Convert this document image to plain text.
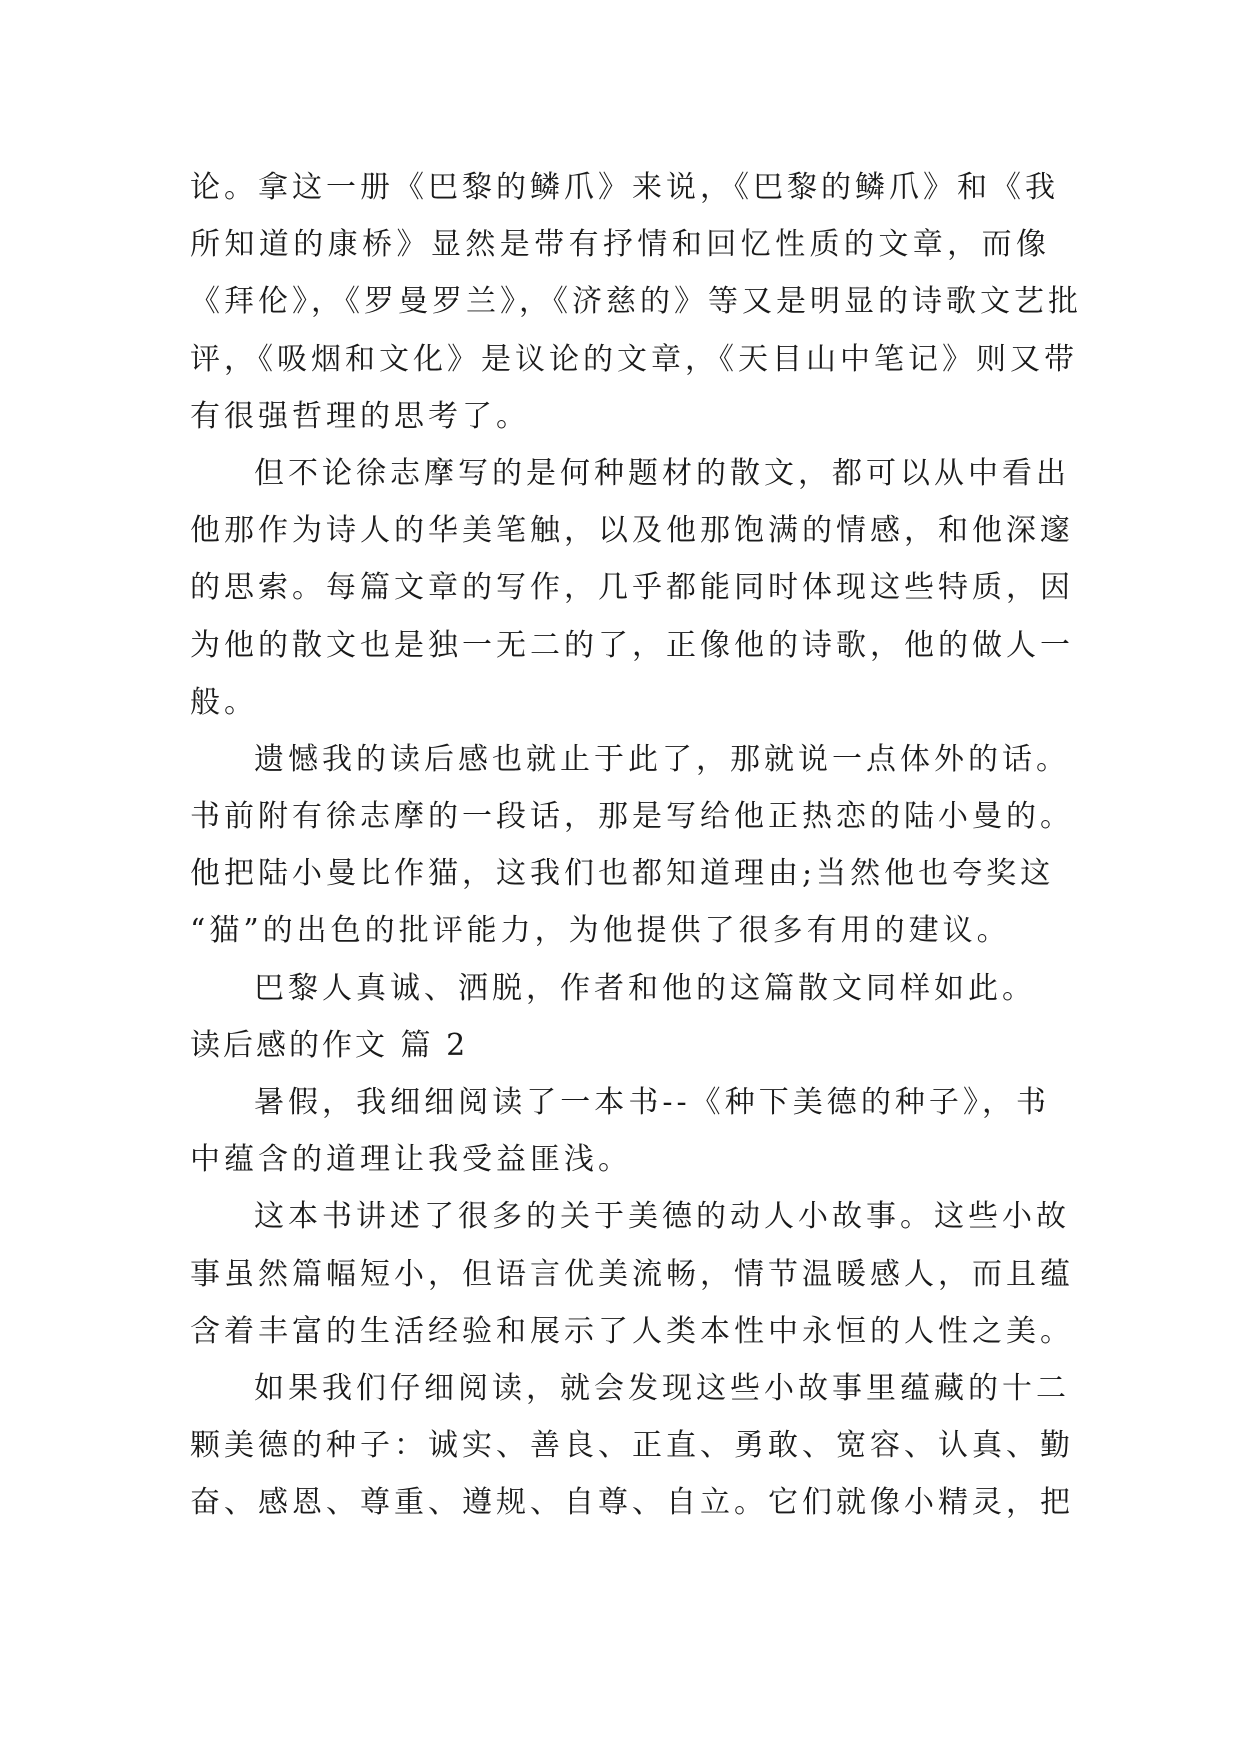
论。拿这一册《巴黎的鳞爪》来说，《巴黎的鳞爪》和《我
所知道的康桥》显然是带有抒情和回忆性质的文章，而像
《拜伦》，《罗曼罗兰》，《济慈的》等又是明显的诗歌文艺批
评，《吸烟和文化》是议论的文章，《天目山中笔记》则又带
有很强哲理的思考了。
但不论徐志摩写的是何种题材的散文，都可以从中看出
他那作为诗人的华美笔触，以及他那饱满的情感，和他深邃
的思索。每篇文章的写作，几乎都能同时体现这些特质，因
为他的散文也是独一无二的了，正像他的诗歌，他的做人一
般。
遗憾我的读后感也就止于此了，那就说一点体外的话。
书前附有徐志摩的一段话，那是写给他正热恋的陆小曼的。
他把陆小曼比作猫，这我们也都知道理由;当然他也夸奖这
“猫”的出色的批评能力，为他提供了很多有用的建议。
巴黎人真诚、洒脱，作者和他的这篇散文同样如此。
读后感的作文 篇 2
暑假，我细细阅读了一本书--《种下美德的种子》，书
中蕴含的道理让我受益匪浅。
这本书讲述了很多的关于美德的动人小故事。这些小故
事虽然篇幅短小，但语言优美流畅，情节温暖感人，而且蕴
含着丰富的生活经验和展示了人类本性中永恒的人性之美。
如果我们仔细阅读，就会发现这些小故事里蕴藏的十二
颗美德的种子：诚实、善良、正直、勇敢、宽容、认真、勤
奋、感恩、尊重、遵规、自尊、自立。它们就像小精灵，把
